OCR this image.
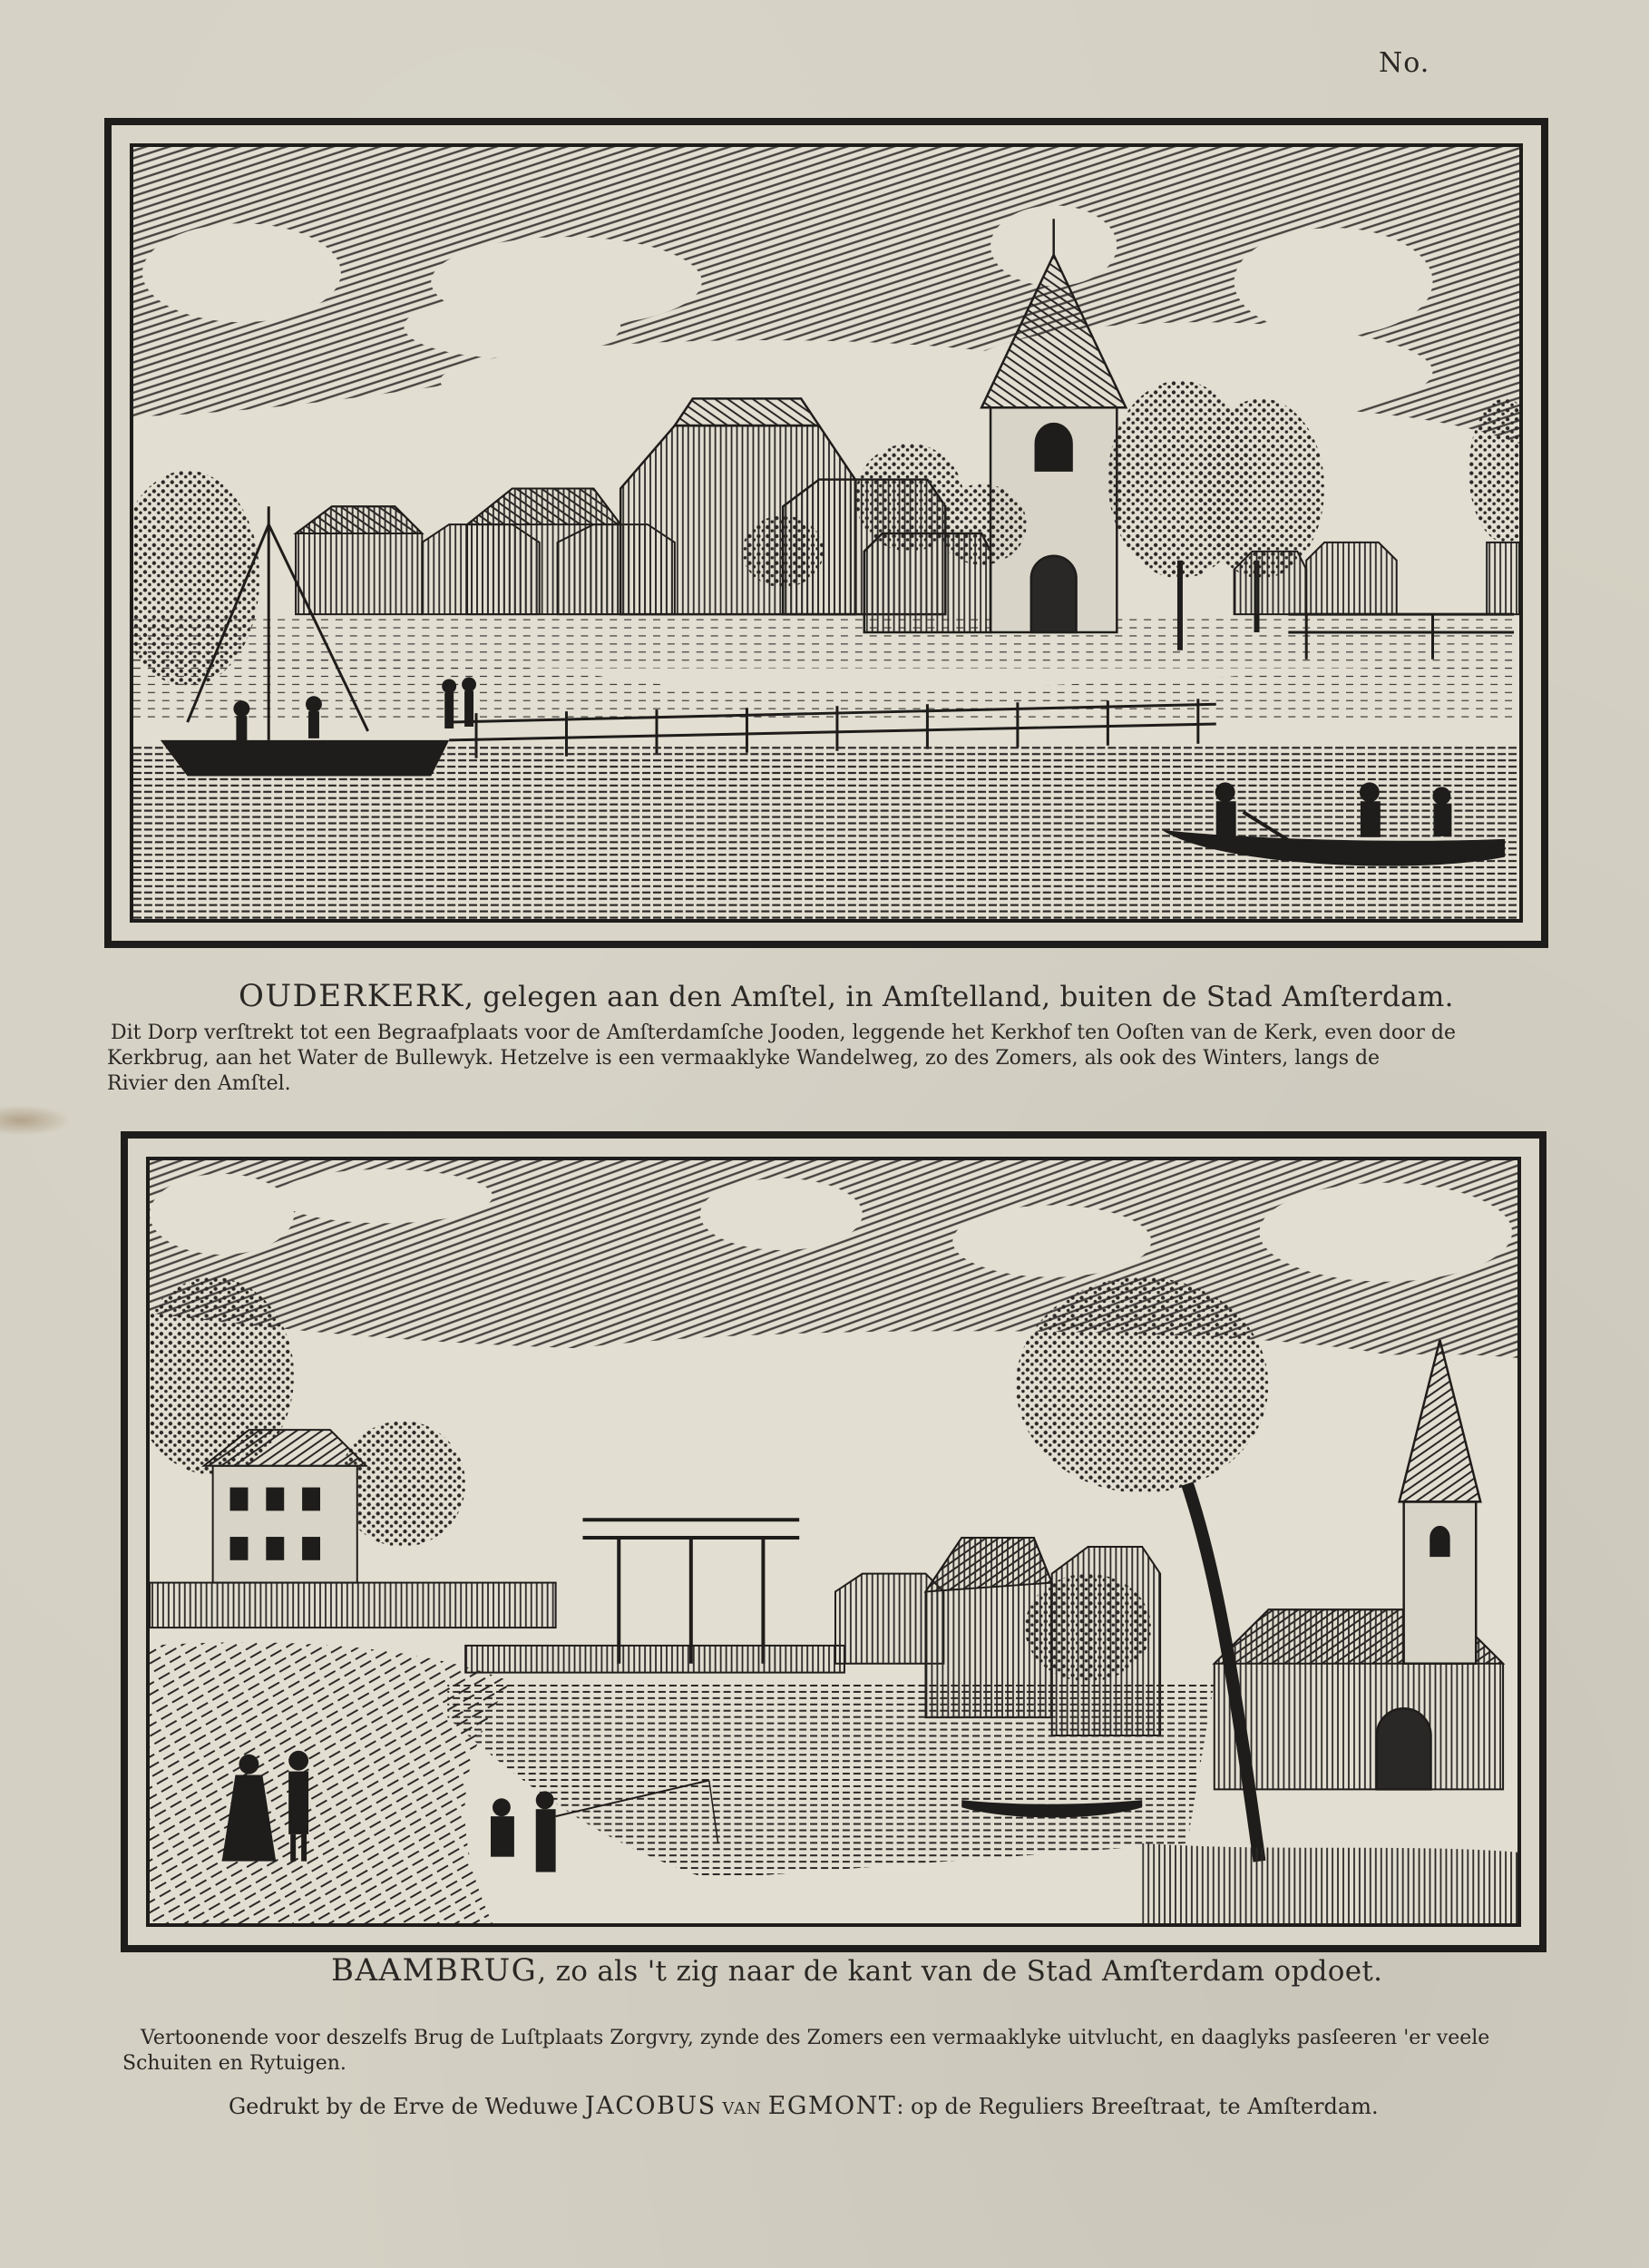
No.
OUDERKERK, gelegen aan den Amſtel, in Amſtelland, buiten de Stad Amſterdam.
Dit Dorp verſtrekt tot een Begraafplaats voor de Amſterdamſche Jooden, leggende het Kerkhof ten Ooſten van de Kerk, even door de
Kerkbrug, aan het Water de Bullewyk. Hetzelve is een vermaaklyke Wandelweg, zo des Zomers, als ook des Winters, langs de
Rivier den Amſtel.
BAAMBRUG, zo als 't zig naar de kant van de Stad Amſterdam opdoet.
Vertoonende voor deszelfs Brug de Luſtplaats Zorgvry, zynde des Zomers een vermaaklyke uitvlucht, en daaglyks pasſeeren 'er veele
Schuiten en Rytuigen.
Gedrukt by de Erve de Weduwe JACOBUS VAN EGMONT: op de Reguliers Breeſtraat, te Amſterdam.
